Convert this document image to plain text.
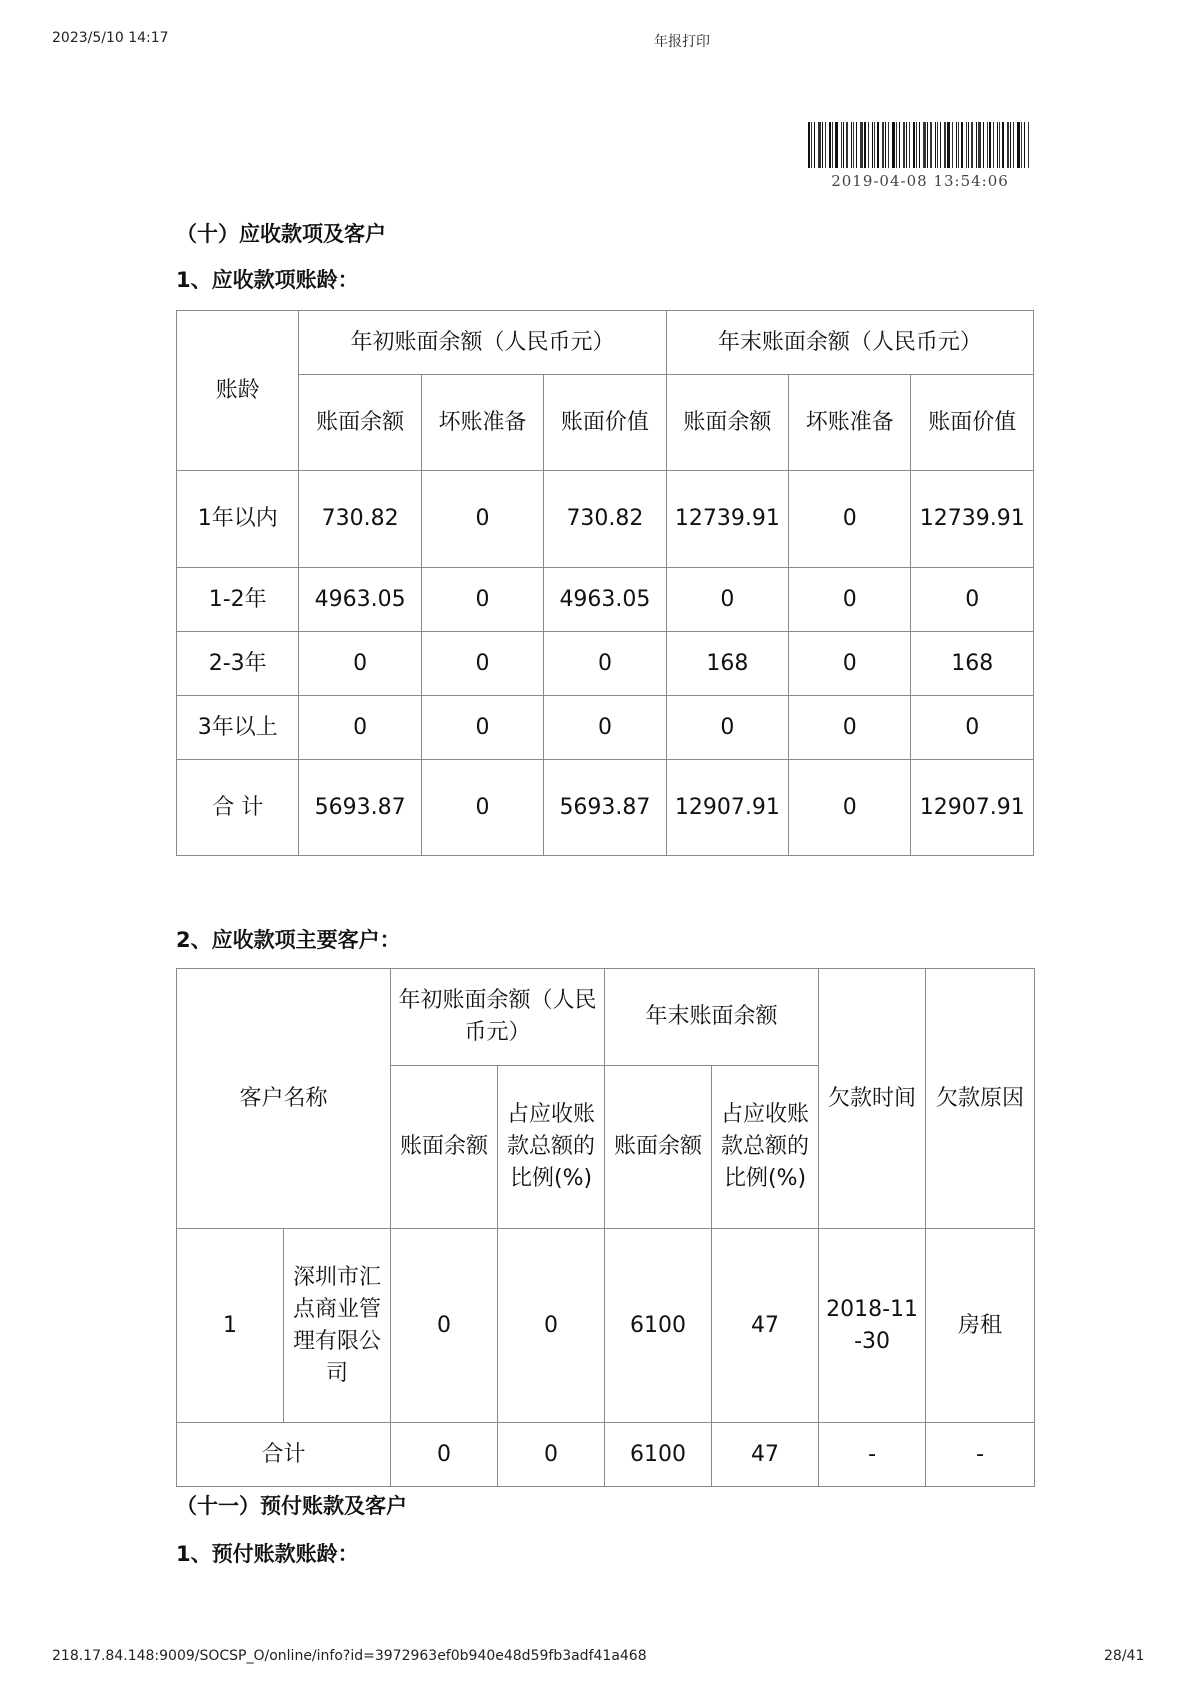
2023/5/10 14:17	年报打印
2019-04-08 13:54:06
（十）应收款项及客户
1、应收款项账龄：
账龄	年初账面余额（人民币元）			年末账面余额（人民币元）		
	账面余额	坏账准备	账面价值	账面余额	坏账准备	账面价值
1年以内	730.82	0	730.82	12739.91	0	12739.91
1-2年	4963.05	0	4963.05	0	0	0
2-3年	0	0	0	168	0	168
3年以上	0	0	0	0	0	0
合 计	5693.87	0	5693.87	12907.91	0	12907.91
2、应收款项主要客户：
客户名称		年初账面余额（人民币元）		年末账面余额		欠款时间	欠款原因
		账面余额	占应收账款总额的比例(%)	账面余额	占应收账款总额的比例(%)		
1	深圳市汇点商业管理有限公司	0	0	6100	47	2018-11-30	房租
合计		0	0	6100	47	-	-
（十一）预付账款及客户
1、预付账款账龄：
218.17.84.148:9009/SOCSP_O/online/info?id=3972963ef0b940e48d59fb3adf41a468	28/41
